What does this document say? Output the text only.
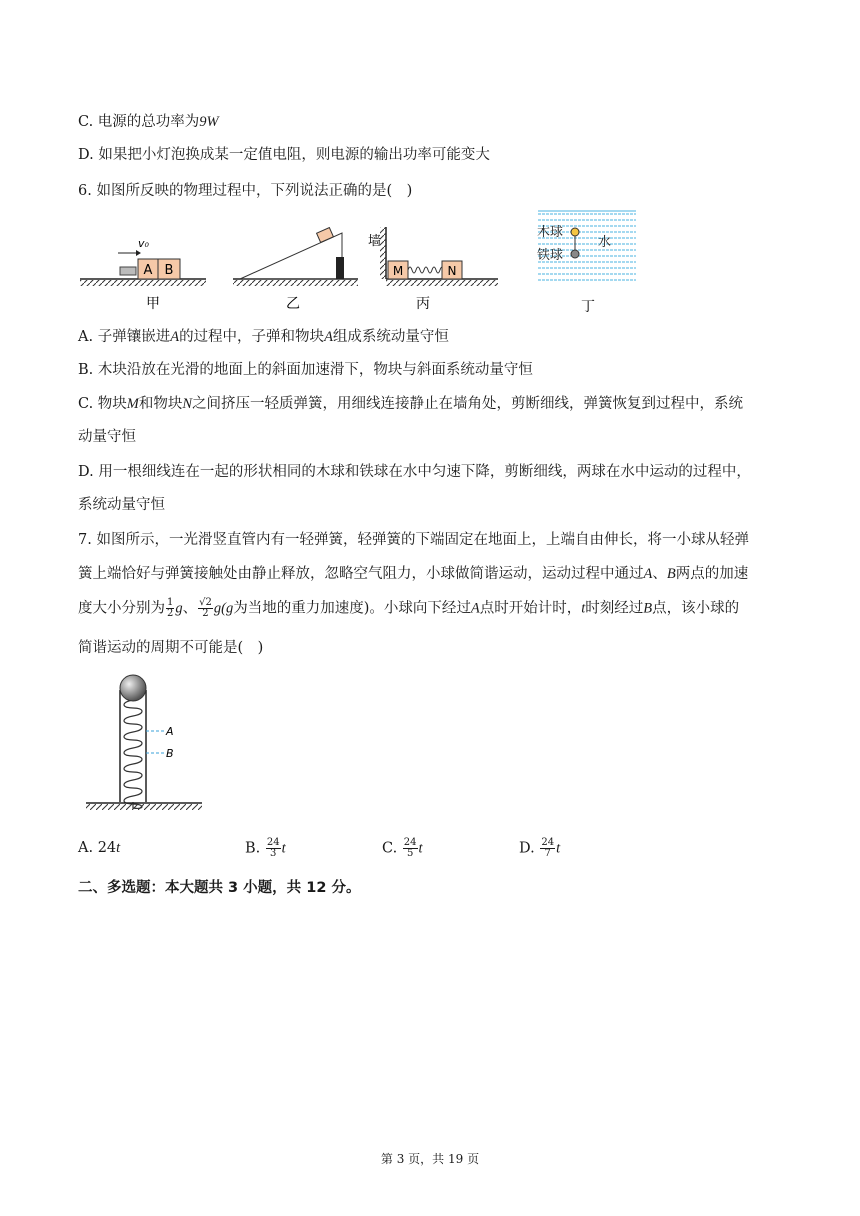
C. 电源的总功率为9W
D. 如果把小灯泡换成某一定值电阻，则电源的输出功率可能变大
6. 如图所反映的物理过程中，下列说法正确的是(　)
A B
v₀
甲	乙
墙
M	N
丙
木球
铁球
水
丁
A. 子弹镶嵌进A的过程中，子弹和物块A组成系统动量守恒
B. 木块沿放在光滑的地面上的斜面加速滑下，物块与斜面系统动量守恒
C. 物块M和物块N之间挤压一轻质弹簧，用细线连接静止在墙角处，剪断细线，弹簧恢复到过程中，系统
动量守恒
D. 用一根细线连在一起的形状相同的木球和铁球在水中匀速下降，剪断细线，两球在水中运动的过程中，
系统动量守恒
7. 如图所示，一光滑竖直管内有一轻弹簧，轻弹簧的下端固定在地面上，上端自由伸长，将一小球从轻弹
簧上端恰好与弹簧接触处由静止释放，忽略空气阻力，小球做简谐运动，运动过程中通过A、B两点的加速
度大小分别为 $\frac{1}{2}$ g、 $\frac{√2}{2} g(g$为当地的重力加速度)。小球向下经过A点时开始计时，t时刻经过B点，该小球的
简谐运动的周期不可能是(　)
A
B
A. 24t	B. $\frac{24}{3}$ t	C. $\frac{24}{5}$ t	D. $\frac{24}{7}$ t
二、多选题：本大题共 3 小题，共 12 分。
第 3 页，共 19 页
